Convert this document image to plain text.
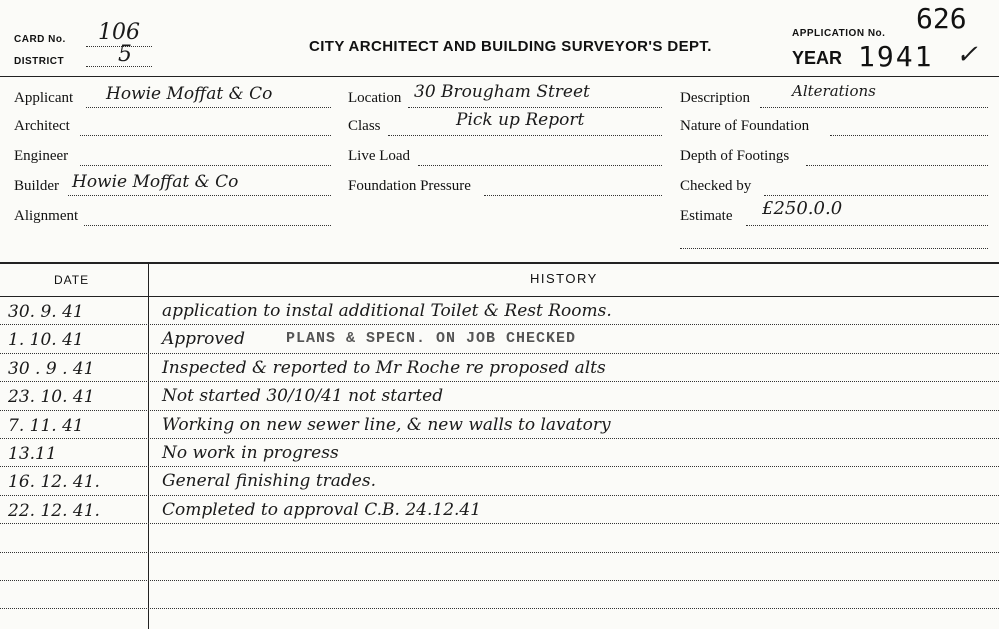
CARD No. 106
DISTRICT 5	CITY ARCHITECT AND BUILDING SURVEYOR'S DEPT.
APPLICATION No. 626
YEAR 1941 ✓
Applicant Howie Moffat & Co
Architect
Engineer
Builder Howie Moffat & Co
Alignment
Location 30 Brougham Street
Class	Pick up Report
Live Load
Foundation Pressure
Description	Alterations
Nature of Foundation
Depth of Footings
Checked by
Estimate £250.0.0
DATE	HISTORY
30. 9. 41	application to instal additional Toilet & Rest Rooms.
1. 10. 41	Approved	PLANS & SPECN. ON JOB CHECKED
30 . 9 . 41	Inspected & reported to Mr Roche re proposed alts
23. 10. 41	Not started 30/10/41 not started
7. 11. 41	Working on new sewer line, & new walls to lavatory
13.11	No work in progress
16. 12. 41.	General finishing trades.
22. 12. 41.	Completed to approval C.B. 24.12.41
